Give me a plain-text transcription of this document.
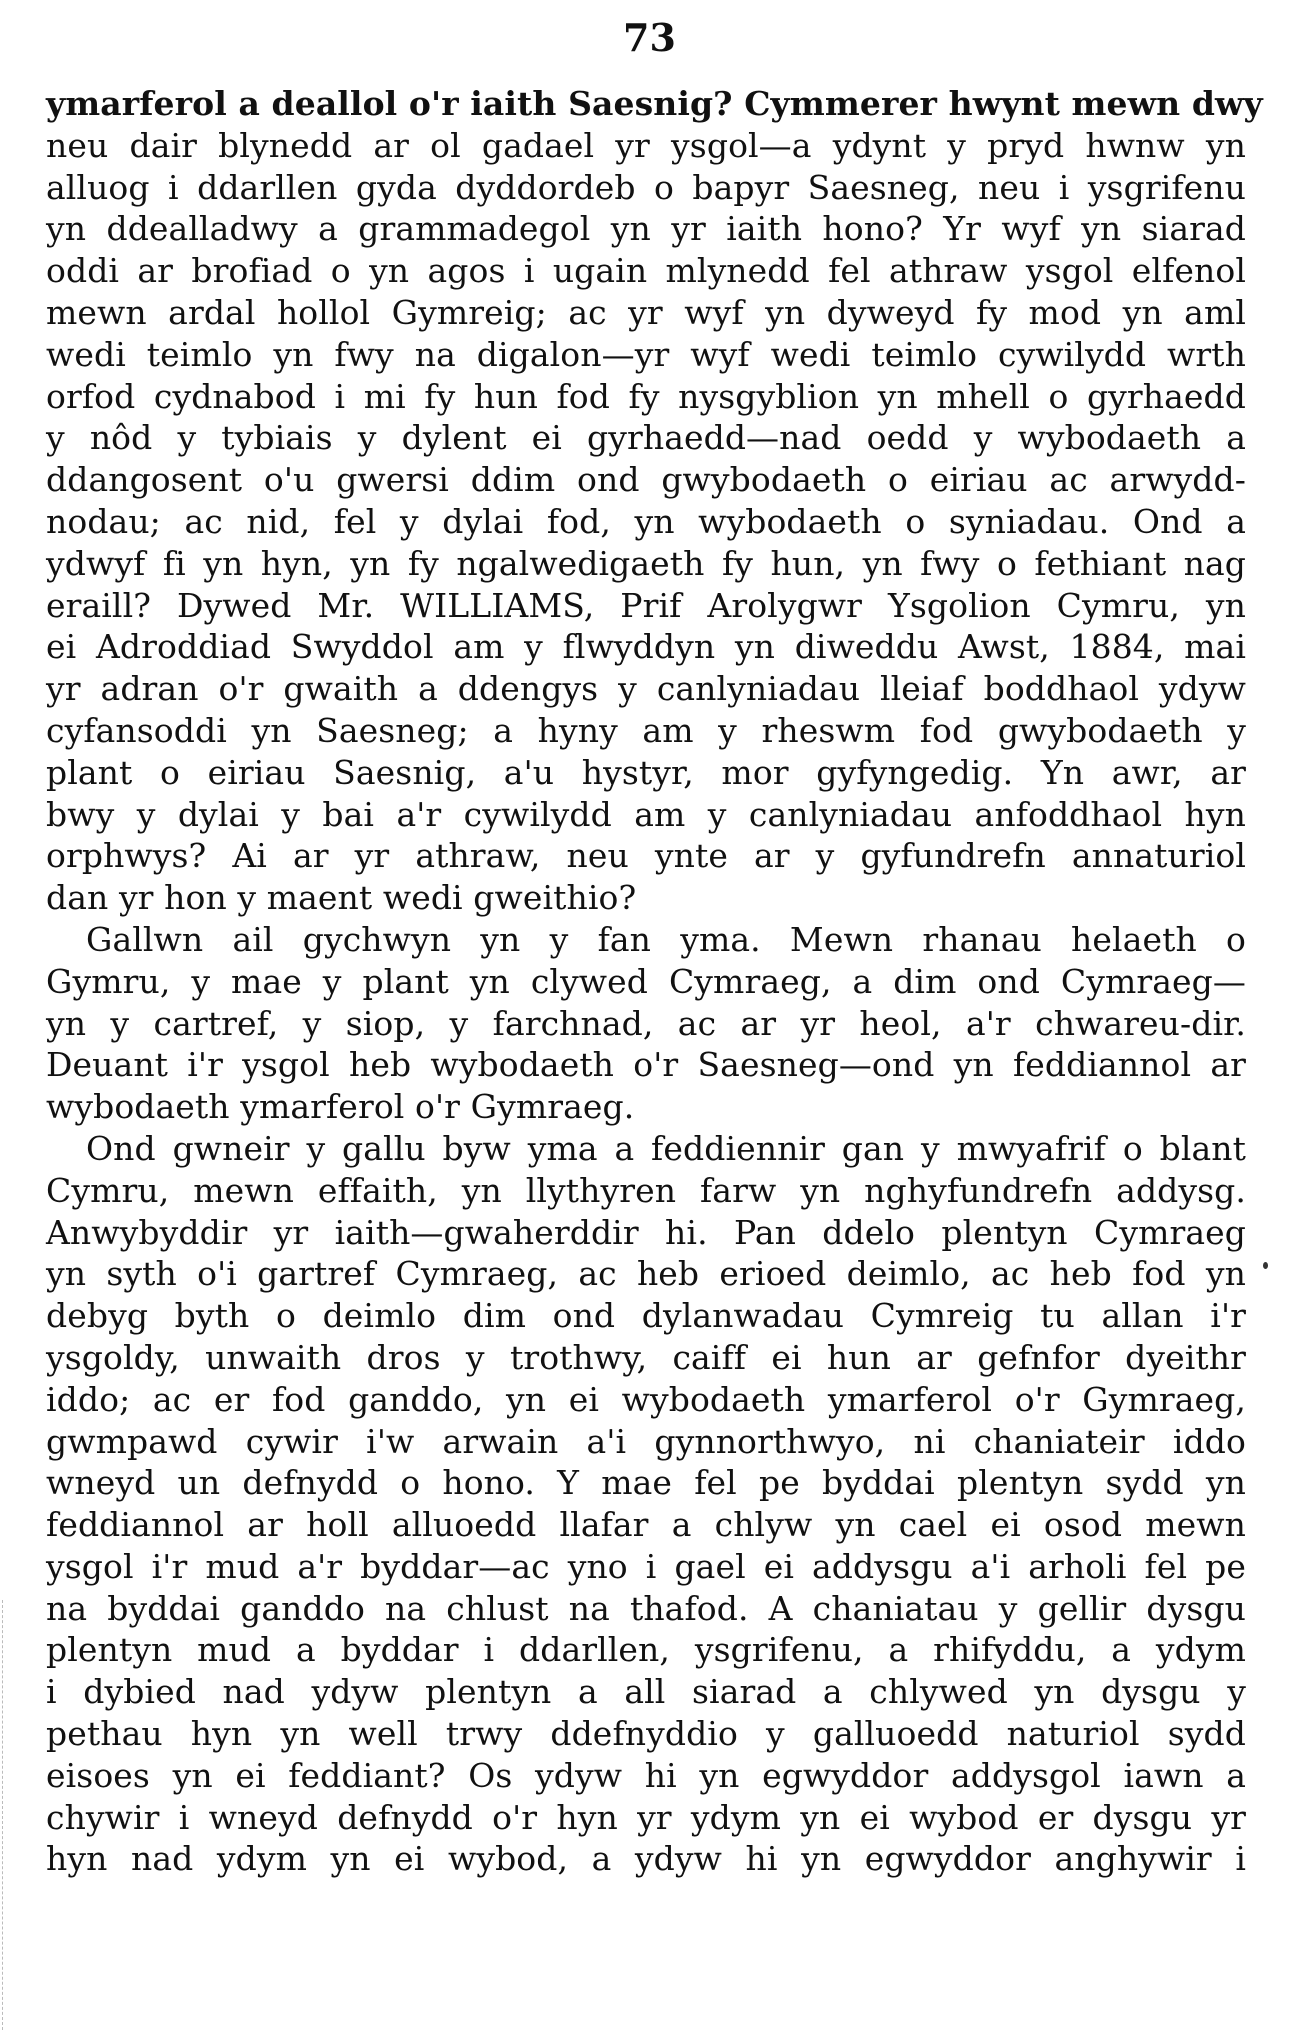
73
ymarferol a deallol o'r iaith Saesnig? Cymmerer hwynt mewn dwy
neu dair blynedd ar ol gadael yr ysgol—a ydynt y pryd hwnw yn
alluog i ddarllen gyda dyddordeb o bapyr Saesneg, neu i ysgrifenu
yn ddealladwy a grammadegol yn yr iaith hono? Yr wyf yn siarad
oddi ar brofiad o yn agos i ugain mlynedd fel athraw ysgol elfenol
mewn ardal hollol Gymreig; ac yr wyf yn dyweyd fy mod yn aml
wedi teimlo yn fwy na digalon—yr wyf wedi teimlo cywilydd wrth
orfod cydnabod i mi fy hun fod fy nysgyblion yn mhell o gyrhaedd
y nôd y tybiais y dylent ei gyrhaedd—nad oedd y wybodaeth a
ddangosent o'u gwersi ddim ond gwybodaeth o eiriau ac arwydd-
nodau; ac nid, fel y dylai fod, yn wybodaeth o syniadau. Ond a
ydwyf fi yn hyn, yn fy ngalwedigaeth fy hun, yn fwy o fethiant nag
eraill? Dywed Mr. WILLIAMS, Prif Arolygwr Ysgolion Cymru, yn
ei Adroddiad Swyddol am y flwyddyn yn diweddu Awst, 1884, mai
yr adran o'r gwaith a ddengys y canlyniadau lleiaf boddhaol ydyw
cyfansoddi yn Saesneg; a hyny am y rheswm fod gwybodaeth y
plant o eiriau Saesnig, a'u hystyr, mor gyfyngedig. Yn awr, ar
bwy y dylai y bai a'r cywilydd am y canlyniadau anfoddhaol hyn
orphwys? Ai ar yr athraw, neu ynte ar y gyfundrefn annaturiol
dan yr hon y maent wedi gweithio?
Gallwn ail gychwyn yn y fan yma. Mewn rhanau helaeth o
Gymru, y mae y plant yn clywed Cymraeg, a dim ond Cymraeg—
yn y cartref, y siop, y farchnad, ac ar yr heol, a'r chwareu-dir.
Deuant i'r ysgol heb wybodaeth o'r Saesneg—ond yn feddiannol ar
wybodaeth ymarferol o'r Gymraeg.
Ond gwneir y gallu byw yma a feddiennir gan y mwyafrif o blant
Cymru, mewn effaith, yn llythyren farw yn nghyfundrefn addysg.
Anwybyddir yr iaith—gwaherddir hi. Pan ddelo plentyn Cymraeg
yn syth o'i gartref Cymraeg, ac heb erioed deimlo, ac heb fod yn
debyg byth o deimlo dim ond dylanwadau Cymreig tu allan i'r
ysgoldy, unwaith dros y trothwy, caiff ei hun ar gefnfor dyeithr
iddo; ac er fod ganddo, yn ei wybodaeth ymarferol o'r Gymraeg,
gwmpawd cywir i'w arwain a'i gynnorthwyo, ni chaniateir iddo
wneyd un defnydd o hono. Y mae fel pe byddai plentyn sydd yn
feddiannol ar holl alluoedd llafar a chlyw yn cael ei osod mewn
ysgol i'r mud a'r byddar—ac yno i gael ei addysgu a'i arholi fel pe
na byddai ganddo na chlust na thafod. A chaniatau y gellir dysgu
plentyn mud a byddar i ddarllen, ysgrifenu, a rhifyddu, a ydym
i dybied nad ydyw plentyn a all siarad a chlywed yn dysgu y
pethau hyn yn well trwy ddefnyddio y galluoedd naturiol sydd
eisoes yn ei feddiant? Os ydyw hi yn egwyddor addysgol iawn a
chywir i wneyd defnydd o'r hyn yr ydym yn ei wybod er dysgu yr
hyn nad ydym yn ei wybod, a ydyw hi yn egwyddor anghywir i
